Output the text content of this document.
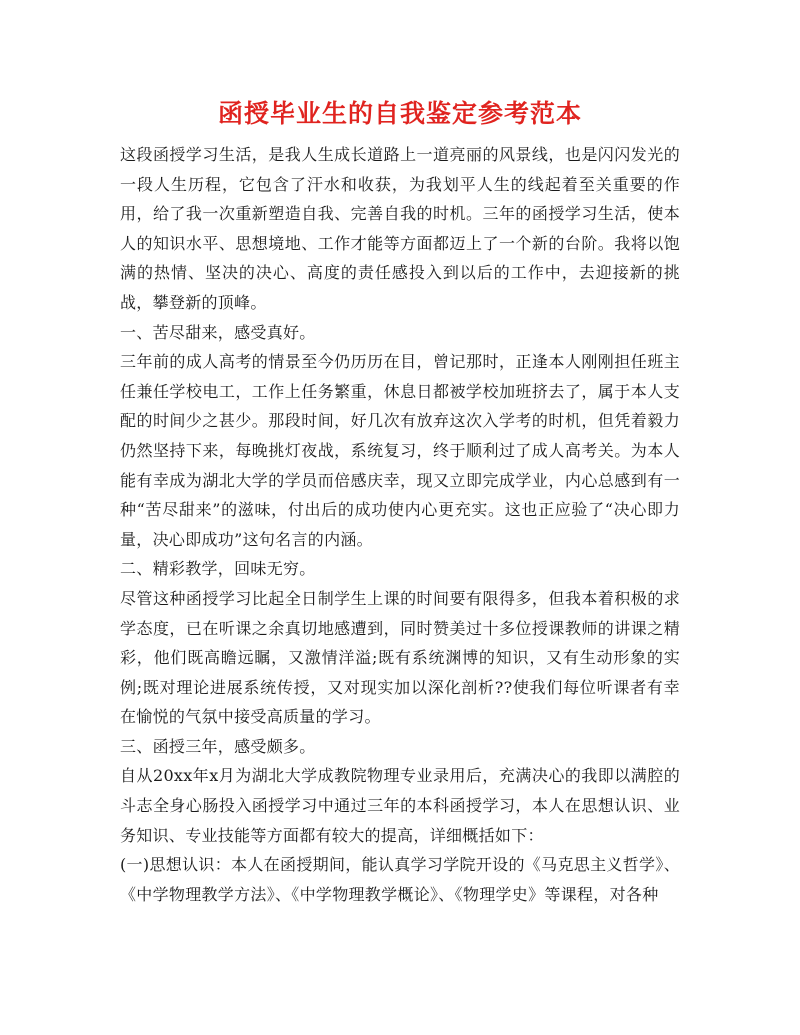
函授毕业生的自我鉴定参考范本

这段函授学习生活，是我人生成长道路上一道亮丽的风景线，也是闪闪发光的一段人生历程，它包含了汗水和收获，为我划平人生的线起着至关重要的作用，给了我一次重新塑造自我、完善自我的时机。三年的函授学习生活，使本人的知识水平、思想境地、工作才能等方面都迈上了一个新的台阶。我将以饱满的热情、坚决的决心、高度的责任感投入到以后的工作中，去迎接新的挑战，攀登新的顶峰。

一、苦尽甜来，感受真好。

三年前的成人高考的情景至今仍历历在目，曾记那时，正逢本人刚刚担任班主任兼任学校电工，工作上任务繁重，休息日都被学校加班挤去了，属于本人支配的时间少之甚少。那段时间，好几次有放弃这次入学考的时机，但凭着毅力仍然坚持下来，每晚挑灯夜战，系统复习，终于顺利过了成人高考关。为本人能有幸成为湖北大学的学员而倍感庆幸，现又立即完成学业，内心总感到有一种“苦尽甜来”的滋味，付出后的成功使内心更充实。这也正应验了“决心即力量，决心即成功”这句名言的内涵。

二、精彩教学，回味无穷。

尽管这种函授学习比起全日制学生上课的时间要有限得多，但我本着积极的求学态度，已在听课之余真切地感遭到，同时赞美过十多位授课教师的讲课之精彩，他们既高瞻远瞩，又激情洋溢;既有系统渊博的知识，又有生动形象的实例;既对理论进展系统传授，又对现实加以深化剖析??使我们每位听课者有幸在愉悦的气氛中接受高质量的学习。

三、函授三年，感受颇多。

自从20xx年x月为湖北大学成教院物理专业录用后，充满决心的我即以满腔的斗志全身心肠投入函授学习中通过三年的本科函授学习，本人在思想认识、业务知识、专业技能等方面都有较大的提高，详细概括如下：

(一)思想认识：本人在函授期间，能认真学习学院开设的《马克思主义哲学》、《中学物理教学方法》、《中学物理教学概论》、《物理学史》等课程，对各种
